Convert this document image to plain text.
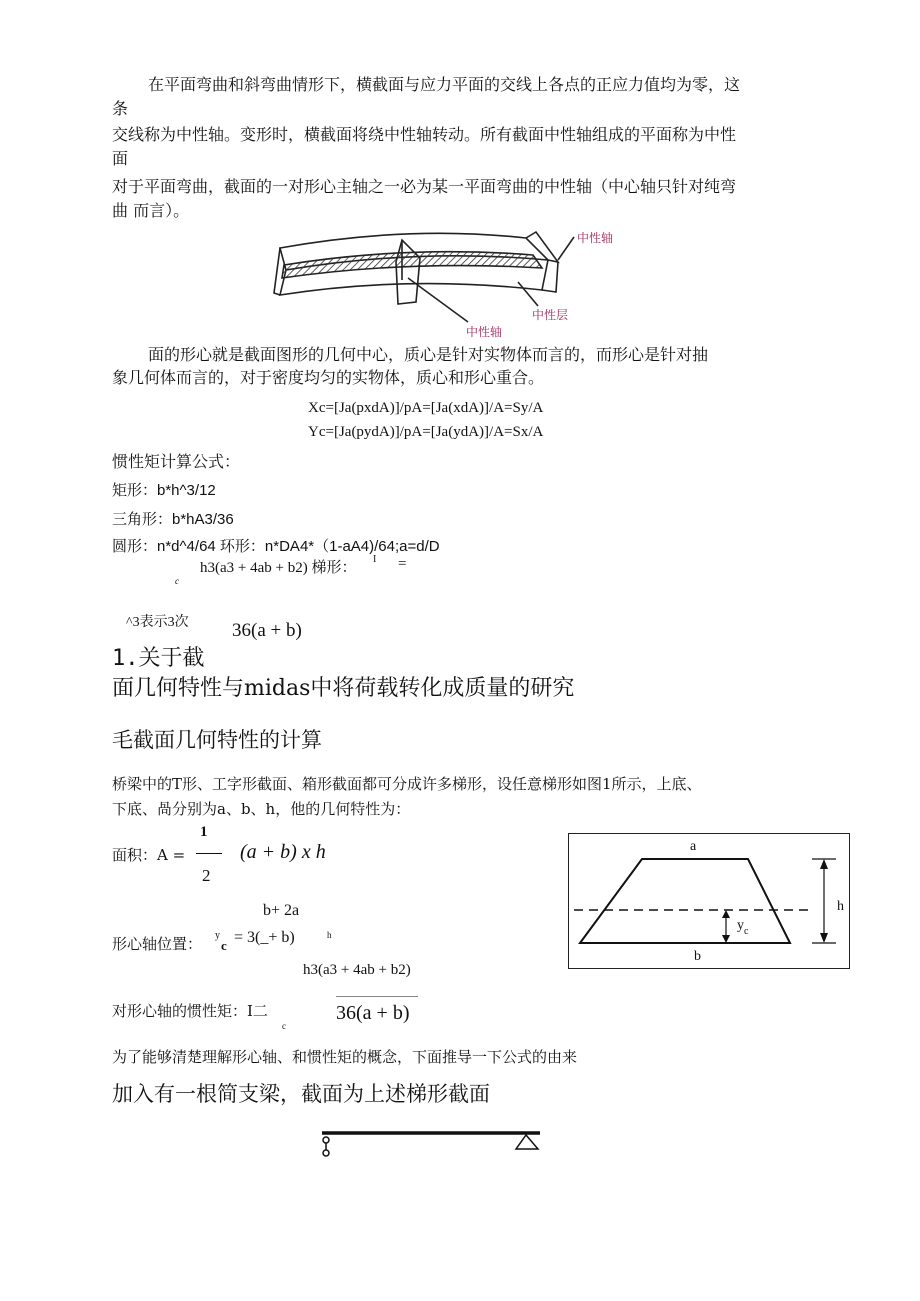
在平面弯曲和斜弯曲情形下，横截面与应力平面的交线上各点的正应力值均为零，这
条
交线称为中性轴。变形时，横截面将绕中性轴转动。所有截面中性轴组成的平面称为中性
面
对于平面弯曲，截面的一对形心主轴之一必为某一平面弯曲的中性轴（中心轴只针对纯弯
曲 而言）。
中性轴
中性层
中性轴
面的形心就是截面图形的几何中心，质心是针对实物体而言的，而形心是针对抽
象几何体而言的，对于密度均匀的实物体，质心和形心重合。
Xc=[Ja(pxdA)]/pA=[Ja(xdA)]/A=Sy/A
Yc=[Ja(pydA)]/pA=[Ja(ydA)]/A=Sx/A
惯性矩计算公式：
矩形：b*h^3/12
三角形：b*hA3/36
圆形：n*d^4/64 环形：n*DA4*（1-aA4)/64;a=d/D
h3(a3 + 4ab + b2) 梯形：
I =
c
^3表示3次 36(a + b)
1.关于截
面几何特性与midas中将荷载转化成质量的研究
毛截面几何特性的计算
桥梁中的T形、工字形截面、箱形截面都可分成许多梯形，设任意梯形如图1所示，上底、
下底、咼分别为a、b、h，他的几何特性为：
1
面积：A =
2
(a + b) x h
b+ 2a
形心轴位置： y
c = 3(_+ b)	h
h3(a3 + 4ab + b2)
对形心轴的惯性矩：I二
c
36(a + b)
为了能够清楚理解形心轴、和惯性矩的概念，下面推导一下公式的由来
加入有一根简支梁，截面为上述梯形截面
a
b
h
y c
